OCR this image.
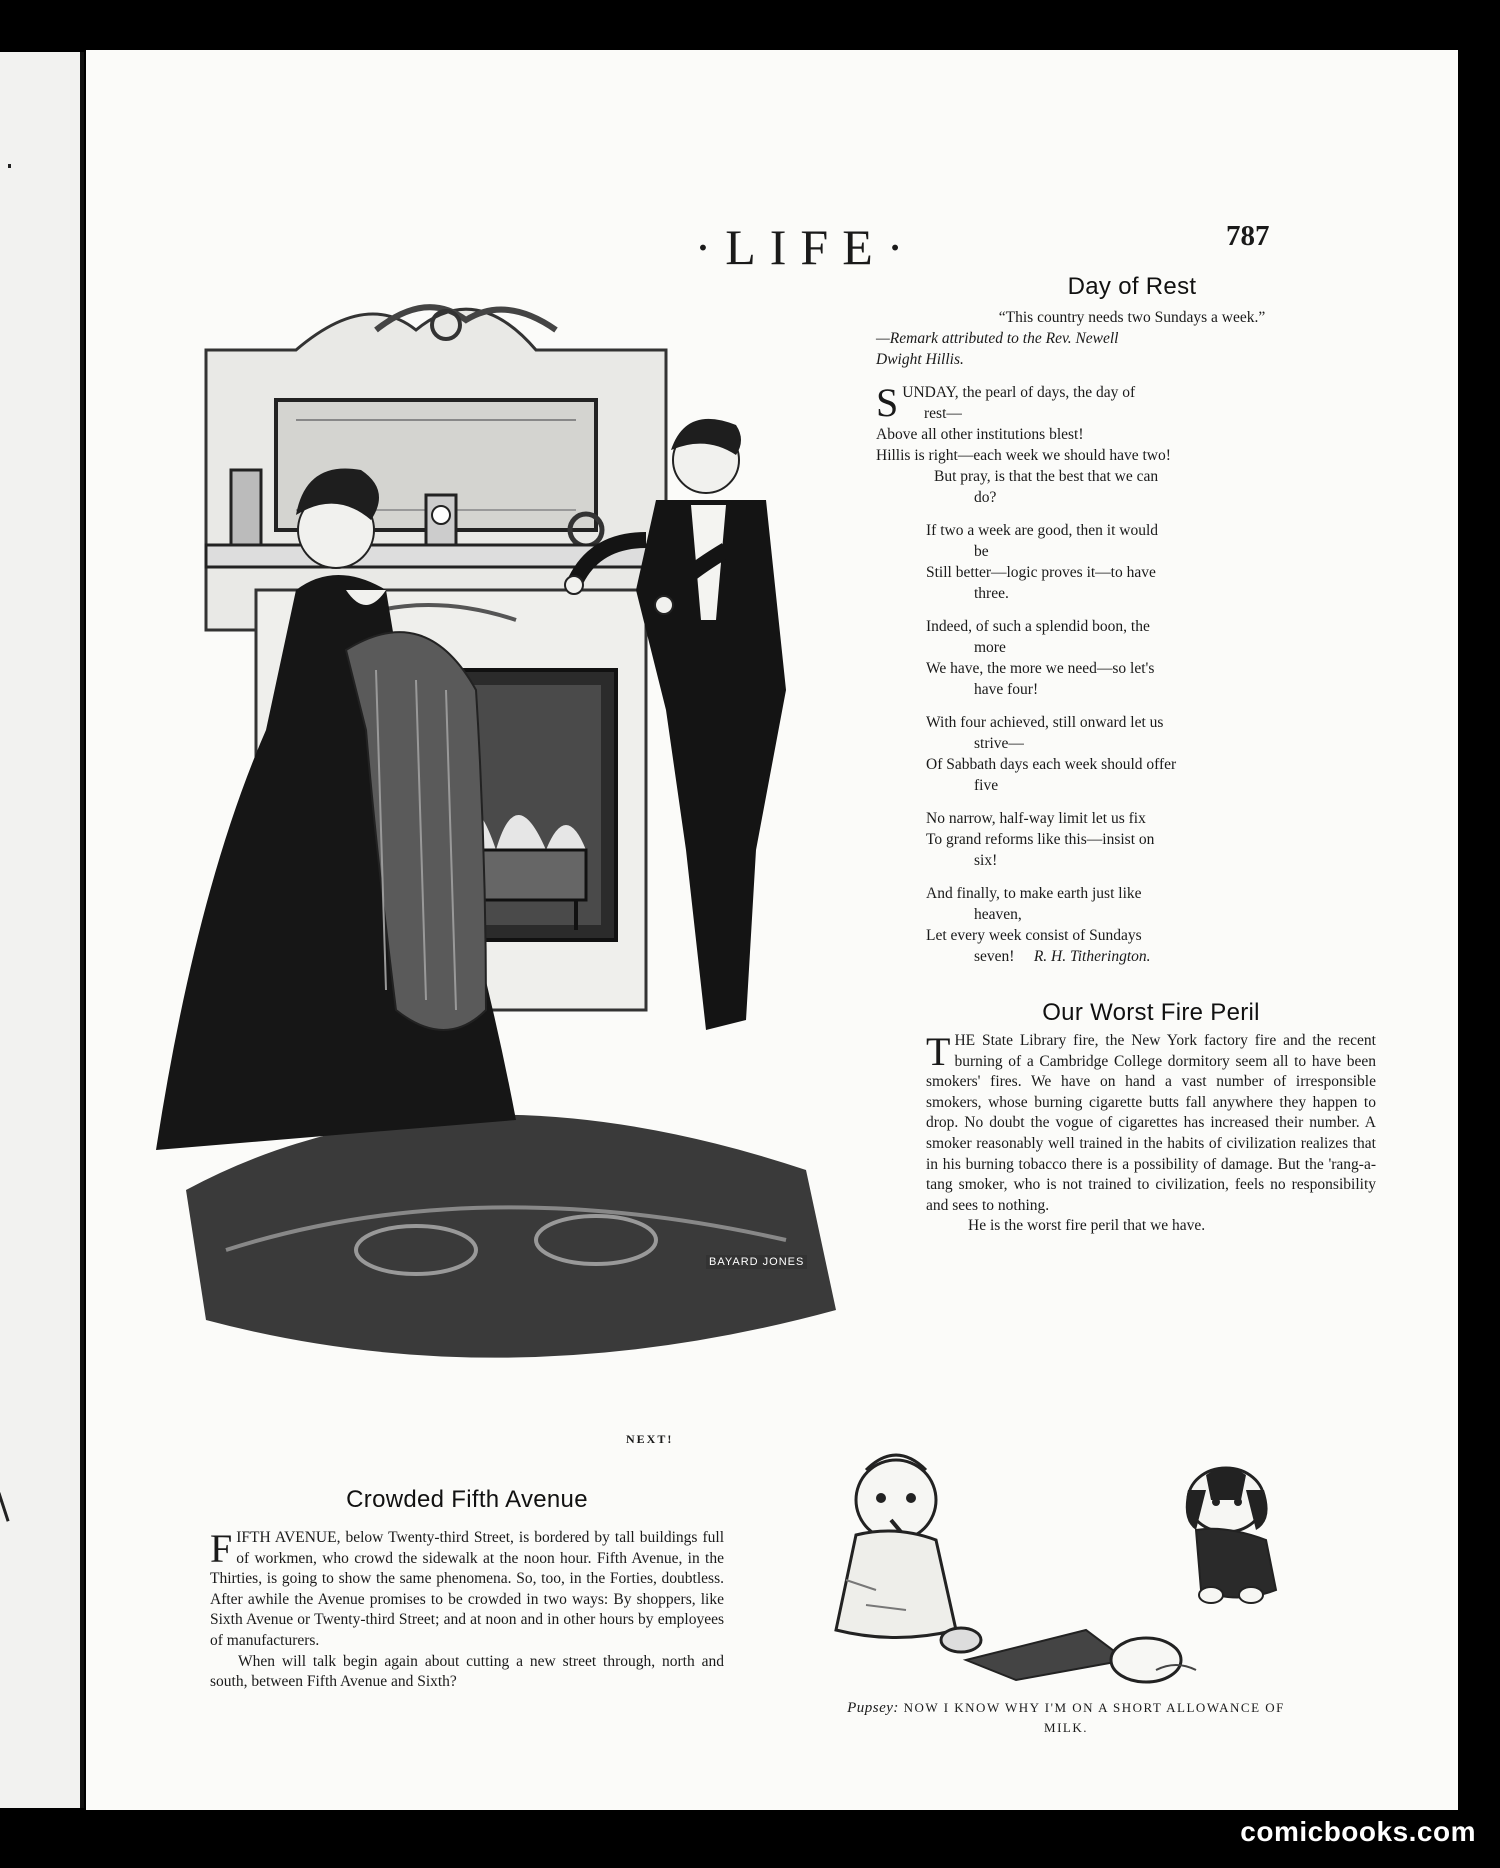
·LIFE·	787
BAYARD JONES
NEXT!
Day of Rest
“This country needs two Sundays a week.”
—Remark attributed to the Rev. Newell
Dwight Hillis.

SUNDAY, the pearl of days, the day of

rest—

Above all other institutions blest!

Hillis is right—each week we should have two!

But pray, is that the best that we can

do?

If two a week are good, then it would

be

Still better—logic proves it—to have

three.

Indeed, of such a splendid boon, the

more

We have, the more we need—so let's

have four!

With four achieved, still onward let us

strive—

Of Sabbath days each week should offer

five

No narrow, half-way limit let us fix

To grand reforms like this—insist on

six!

And finally, to make earth just like

heaven,

Let every week consist of Sundays

seven! R. H. Titherington.

Our Worst Fire Peril
THE State Library fire, the New York factory fire and the recent burning of a Cambridge College dormitory seem all to have been smokers' fires. We have on hand a vast number of irresponsible smokers, whose burning cigarette butts fall anywhere they happen to drop. No doubt the vogue of cigarettes has increased their number. A smoker reasonably well trained in the habits of civilization realizes that in his burning tobacco there is a possibility of damage. But the 'rang-a-tang smoker, who is not trained to civilization, feels no responsibility and sees to nothing.
He is the worst fire peril that we have.
Crowded Fifth Avenue
FIFTH AVENUE, below Twenty-third Street, is bordered by tall buildings full of workmen, who crowd the sidewalk at the noon hour. Fifth Avenue, in the Thirties, is going to show the same phenomena. So, too, in the Forties, doubtless. After awhile the Avenue promises to be crowded in two ways: By shoppers, like Sixth Avenue or Twenty-third Street; and at noon and in other hours by employees of manufacturers.
When will talk begin again about cutting a new street through, north and south, between Fifth Avenue and Sixth?
Pupsey: NOW I KNOW WHY I'M ON A SHORT ALLOWANCE OF
MILK.
comicbooks.com
